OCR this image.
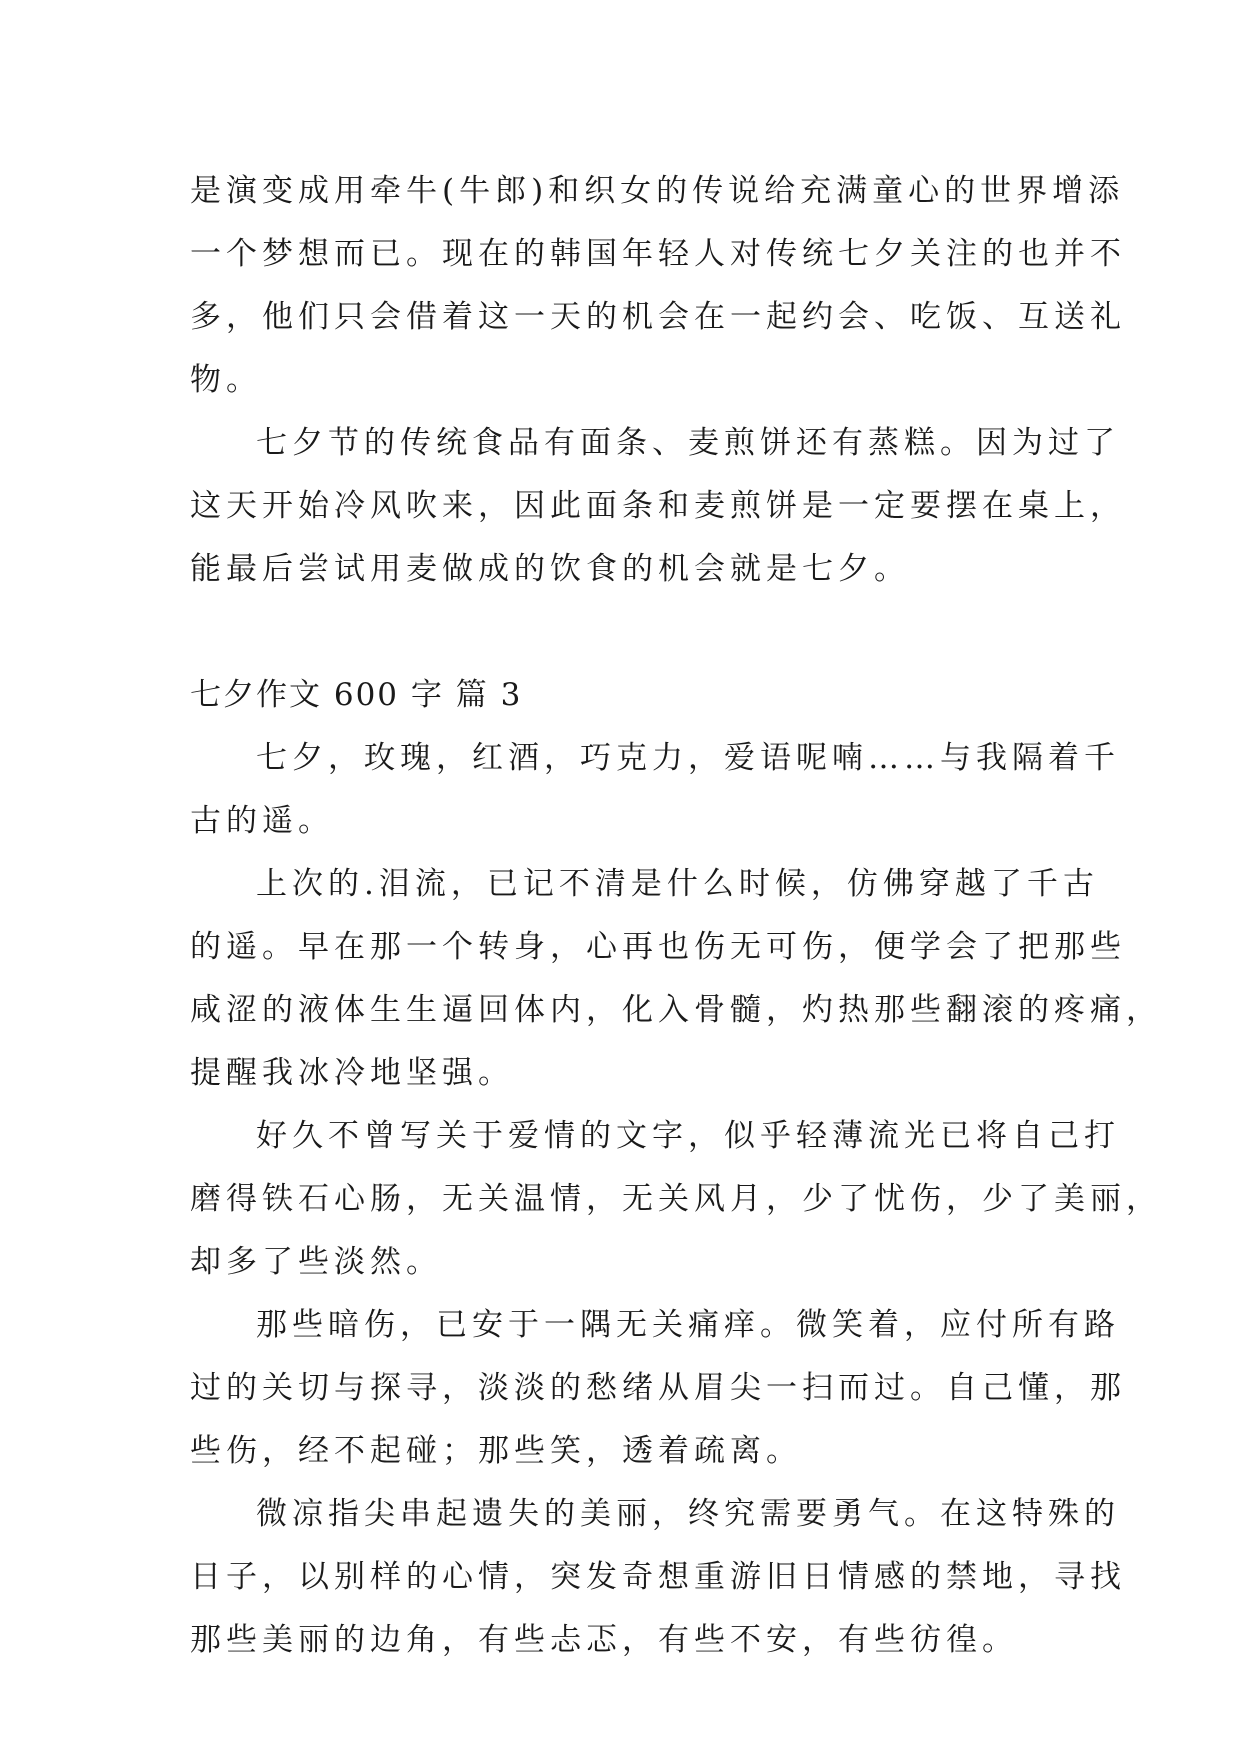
是演变成用牵牛(牛郎)和织女的传说给充满童心的世界增添
一个梦想而已。现在的韩国年轻人对传统七夕关注的也并不
多，他们只会借着这一天的机会在一起约会、吃饭、互送礼
物。
七夕节的传统食品有面条、麦煎饼还有蒸糕。因为过了
这天开始冷风吹来，因此面条和麦煎饼是一定要摆在桌上，
能最后尝试用麦做成的饮食的机会就是七夕。
七夕作文 600 字 篇 3
七夕，玫瑰，红酒，巧克力，爱语呢喃……与我隔着千
古的遥。
上次的.泪流，已记不清是什么时候，仿佛穿越了千古
的遥。早在那一个转身，心再也伤无可伤，便学会了把那些
咸涩的液体生生逼回体内，化入骨髓，灼热那些翻滚的疼痛，
提醒我冰冷地坚强。
好久不曾写关于爱情的文字，似乎轻薄流光已将自己打
磨得铁石心肠，无关温情，无关风月，少了忧伤，少了美丽，
却多了些淡然。
那些暗伤，已安于一隅无关痛痒。微笑着，应付所有路
过的关切与探寻，淡淡的愁绪从眉尖一扫而过。自己懂，那
些伤，经不起碰；那些笑，透着疏离。
微凉指尖串起遗失的美丽，终究需要勇气。在这特殊的
日子，以别样的心情，突发奇想重游旧日情感的禁地，寻找
那些美丽的边角，有些忐忑，有些不安，有些彷徨。
